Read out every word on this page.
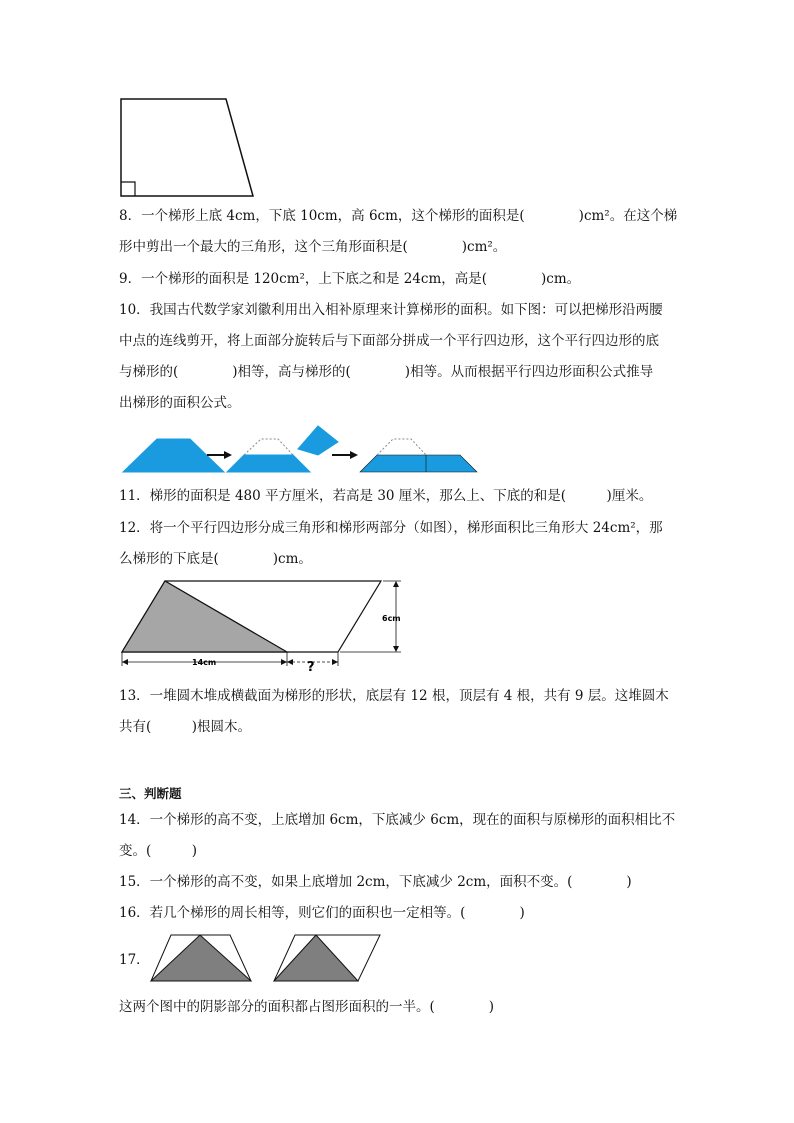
8．一个梯形上底 4cm，下底 10cm，高 6cm，这个梯形的面积是(　　　　)cm²。在这个梯
形中剪出一个最大的三角形，这个三角形面积是(　　　　)cm²。
9．一个梯形的面积是 120cm²，上下底之和是 24cm，高是(　　　　)cm。
10．我国古代数学家刘徽利用出入相补原理来计算梯形的面积。如下图：可以把梯形沿两腰
中点的连线剪开，将上面部分旋转后与下面部分拼成一个平行四边形，这个平行四边形的底
与梯形的(　　　　)相等，高与梯形的(　　　　)相等。从而根据平行四边形面积公式推导
出梯形的面积公式。
11．梯形的面积是 480 平方厘米，若高是 30 厘米，那么上、下底的和是(　　　)厘米。
12．将一个平行四边形分成三角形和梯形两部分（如图），梯形面积比三角形大 24cm²，那
么梯形的下底是(　　　　)cm。
6cm
14cm	?
13．一堆圆木堆成横截面为梯形的形状，底层有 12 根，顶层有 4 根，共有 9 层。这堆圆木
共有(　　　)根圆木。
三、判断题
14．一个梯形的高不变，上底增加 6cm，下底减少 6cm，现在的面积与原梯形的面积相比不
变。(　　　)
15．一个梯形的高不变，如果上底增加 2cm，下底减少 2cm，面积不变。(　　　　)
16．若几个梯形的周长相等，则它们的面积也一定相等。(　　　　)
17．
这两个图中的阴影部分的面积都占图形面积的一半。(　　　　)
